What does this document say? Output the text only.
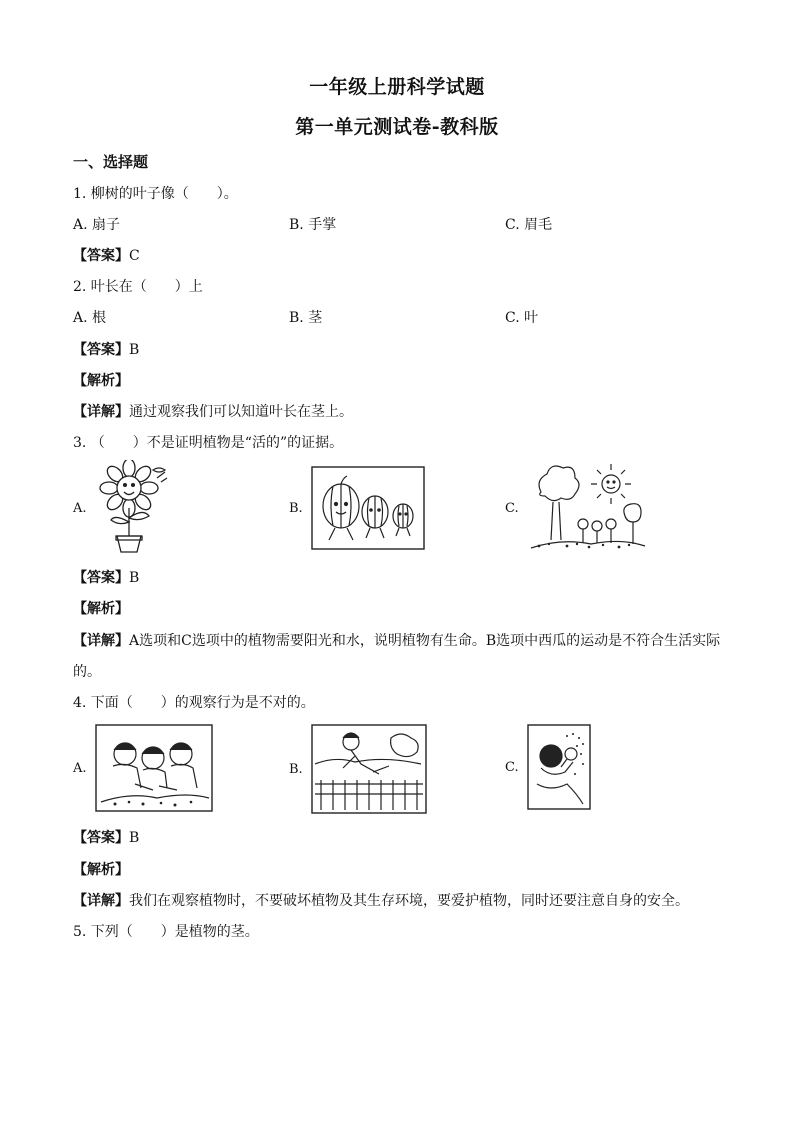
一年级上册科学试题
第一单元测试卷-教科版
一、选择题
1. 柳树的叶子像（　　）。
A. 扇子	B. 手掌	C. 眉毛
【答案】C
2. 叶长在（　　）上
A. 根	B. 茎	C. 叶
【答案】B
【解析】
【详解】通过观察我们可以知道叶长在茎上。
3. （　　）不是证明植物是“活的”的证据。
A.	B.	C.
【答案】B
【解析】
【详解】A选项和C选项中的植物需要阳光和水，说明植物有生命。B选项中西瓜的运动是不符合生活实际
的。
4. 下面（　　）的观察行为是不对的。
A.	B.	C.
【答案】B
【解析】
【详解】我们在观察植物时，不要破坏植物及其生存环境，要爱护植物，同时还要注意自身的安全。
5. 下列（　　）是植物的茎。
